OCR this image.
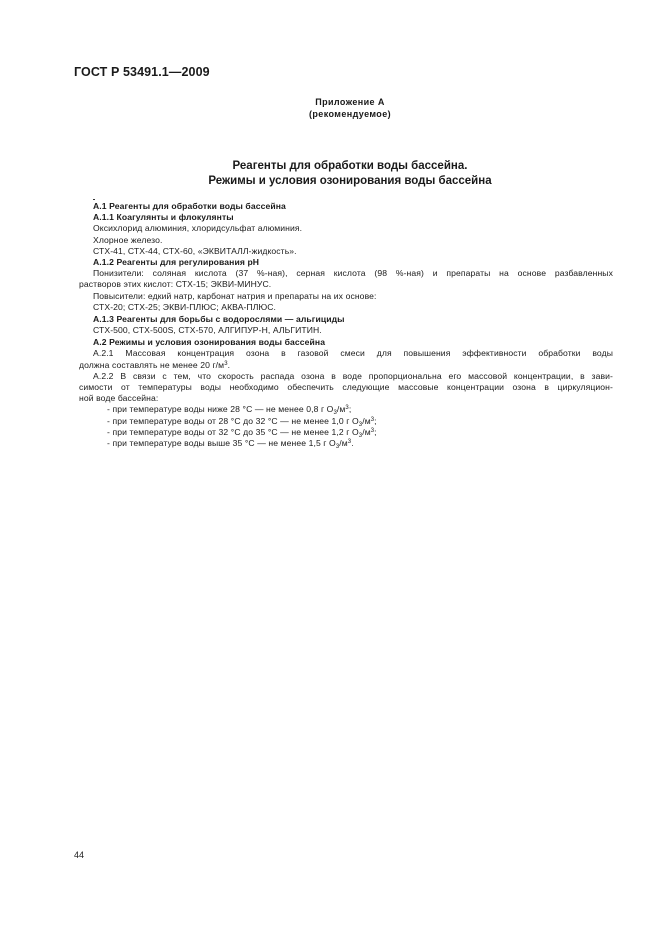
ГОСТ Р 53491.1—2009
Приложение А
(рекомендуемое)
Реагенты для обработки воды бассейна.
Режимы и условия озонирования воды бассейна
А.1 Реагенты для обработки воды бассейна
А.1.1 Коагулянты и флокулянты
Оксихлорид алюминия, хлоридсульфат алюминия.
Хлорное железо.
СТХ-41, СТХ-44, СТХ-60, «ЭКВИТАЛЛ-жидкость».
А.1.2 Реагенты для регулирования pH
Понизители: соляная кислота (37 %-ная), серная кислота (98 %-ная) и препараты на основе разбавленных
растворов этих кислот: СТХ-15; ЭКВИ-МИНУС.
Повысители: едкий натр, карбонат натрия и препараты на их основе:
СТХ-20; СТХ-25; ЭКВИ-ПЛЮС; АКВА-ПЛЮС.
А.1.3 Реагенты для борьбы с водорослями — альгициды
СТХ-500, СТХ-500S, СТХ-570, АЛГИПУР-Н, АЛЬГИТИН.
А.2 Режимы и условия озонирования воды бассейна
А.2.1 Массовая концентрация озона в газовой смеси для повышения эффективности обработки воды
должна составлять не менее 20 $г/м^3$.
А.2.2 В связи с тем, что скорость распада озона в воде пропорциональна его массовой концентрации, в зави-
симости от температуры воды необходимо обеспечить следующие массовые концентрации озона в циркуляцион-
ной воде бассейна:
- при температуре воды ниже 28 °С — не менее 0,8 г $О_3/м^3$;
- при температуре воды от 28 °С до 32 °С — не менее 1,0 г $О_3/м^3$;
- при температуре воды от 32 °С до 35 °С — не менее 1,2 г $О_3/м^3$;
- при температуре воды выше 35 °С — не менее 1,5 г $О_3/м^3$.
44
